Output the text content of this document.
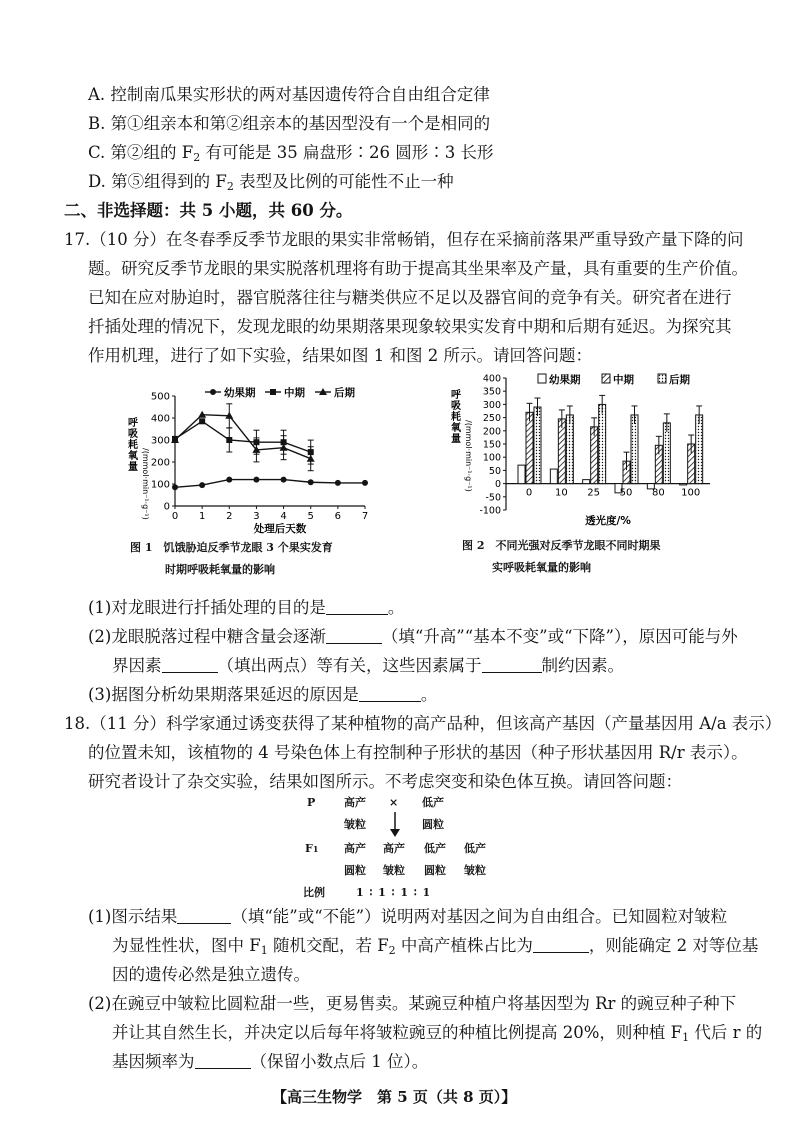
A. 控制南瓜果实形状的两对基因遗传符合自由组合定律
B. 第①组亲本和第②组亲本的基因型没有一个是相同的
C. 第②组的 $F_2$ 有可能是 35 扁盘形∶26 圆形∶3 长形
D. 第⑤组得到的 $F_2$ 表型及比例的可能性不止一种
二、非选择题：共 5 小题，共 60 分。
17.（10 分）在冬春季反季节龙眼的果实非常畅销，但存在采摘前落果严重导致产量下降的问
题。研究反季节龙眼的果实脱落机理将有助于提高其坐果率及产量，具有重要的生产价值。
已知在应对胁迫时，器官脱落往往与糖类供应不足以及器官间的竞争有关。研究者在进行
扦插处理的情况下，发现龙眼的幼果期落果现象较果实发育中期和后期有延迟。为探究其
作用机理，进行了如下实验，结果如图 1 和图 2 所示。请回答问题：
0
100
200
300
400
500
0 1 2 3 4 5 6 7
处理后天数
呼
吸
耗
氧
量 /(mmol·min⁻¹·g⁻¹)
幼果期	中期	后期
图 1　饥饿胁迫反季节龙眼 3 个果实发育
时期呼吸耗氧量的影响
-100
-50
0
50
100
150
200
250
300
350
400
0 10 25 50 80 100
透光度/%
呼
吸
耗
氧
量 /(mmol·min⁻¹·g⁻¹)
幼果期	中期	后期
图 2　不同光强对反季节龙眼不同时期果
实呼吸耗氧量的影响
(1)对龙眼进行扦插处理的目的是	。
(2)龙眼脱落过程中糖含量会逐渐	（填“升高”“基本不变”或“下降”），原因可能与外
界因素	（填出两点）等有关，这些因素属于	制约因素。
(3)据图分析幼果期落果延迟的原因是	。
18.（11 分）科学家通过诱变获得了某种植物的高产品种，但该高产基因（产量基因用 A/a 表示）
的位置未知，该植物的 4 号染色体上有控制种子形状的基因（种子形状基因用 R/r 表示）。
研究者设计了杂交实验，结果如图所示。不考虑突变和染色体互换。请回答问题：
P	高产
皱粒
× 低产
圆粒
F1 高产
圆粒
高产
皱粒
低产
圆粒
低产
皱粒
比例	1 ∶ 1 ∶ 1 ∶ 1
(1)图示结果	（填“能”或“不能”）说明两对基因之间为自由组合。已知圆粒对皱粒
为显性性状，图中 $F_1$ 随机交配，若 $F_2$ 中高产植株占比为	，则能确定 2 对等位基
因的遗传必然是独立遗传。
(2)在豌豆中皱粒比圆粒甜一些，更易售卖。某豌豆种植户将基因型为 Rr 的豌豆种子种下
并让其自然生长，并决定以后每年将皱粒豌豆的种植比例提高 20%，则种植 $F_1$ 代后 r 的
基因频率为	（保留小数点后 1 位）。
【高三生物学　第 5 页（共 8 页）】
